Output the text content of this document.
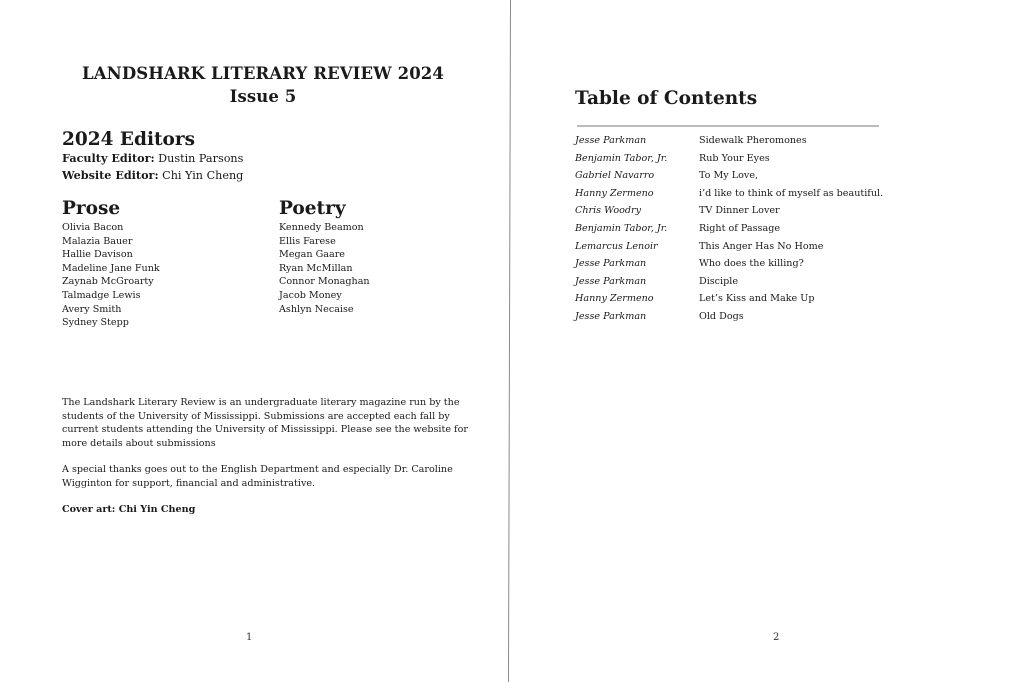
LANDSHARK LITERARY REVIEW 2024
Issue 5
2024 Editors
Faculty Editor: Dustin Parsons
Website Editor: Chi Yin Cheng
Prose
Olivia Bacon
Malazia Bauer
Hallie Davison
Madeline Jane Funk
Zaynab McGroarty
Talmadge Lewis
Avery Smith
Sydney Stepp
Poetry
Kennedy Beamon
Ellis Farese
Megan Gaare
Ryan McMillan
Connor Monaghan
Jacob Money
Ashlyn Necaise
The Landshark Literary Review is an undergraduate literary magazine run by the students of the University of Mississippi. Submissions are accepted each fall by current students attending the University of Mississippi. Please see the website for more details about submissions
A special thanks goes out to the English Department and especially Dr. Caroline Wigginton for support, financial and administrative.
Cover art: Chi Yin Cheng
1
Table of Contents
Jesse Parkman	Sidewalk Pheromones
Benjamin Tabor, Jr.	Rub Your Eyes
Gabriel Navarro	To My Love,
Hanny Zermeno	i’d like to think of myself as beautiful.
Chris Woodry	TV Dinner Lover
Benjamin Tabor, Jr.	Right of Passage
Lemarcus Lenoir	This Anger Has No Home
Jesse Parkman	Who does the killing?
Jesse Parkman	Disciple
Hanny Zermeno	Let’s Kiss and Make Up
Jesse Parkman	Old Dogs
2
